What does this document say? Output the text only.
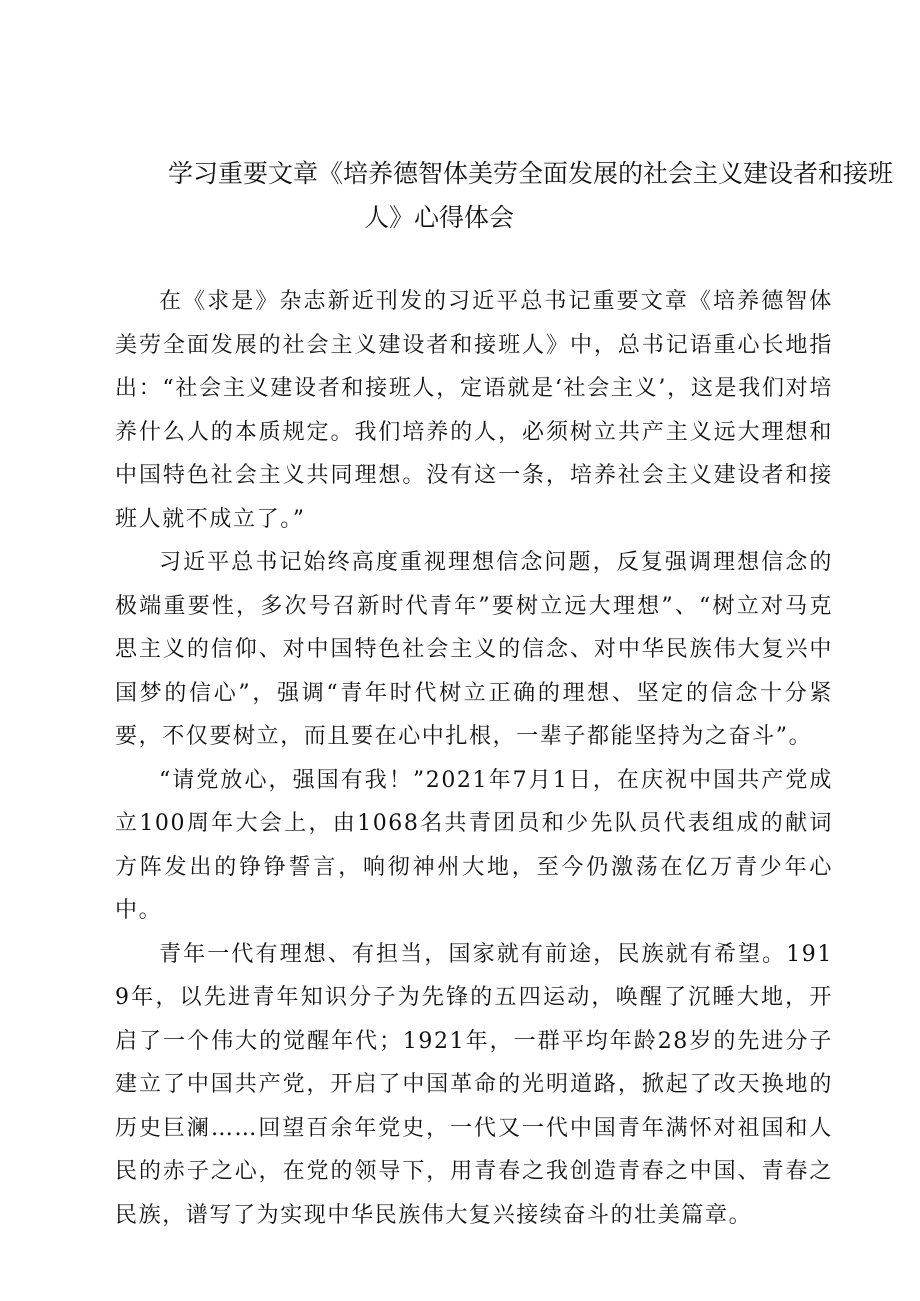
学习重要文章《培养德智体美劳全面发展的社会主义建设者和接班
人》心得体会

在《求是》杂志新近刊发的习近平总书记重要文章《培养德智体美劳全面发展的社会主义建设者和接班人》中，总书记语重心长地指出：“社会主义建设者和接班人，定语就是‘社会主义’，这是我们对培养什么人的本质规定。我们培养的人，必须树立共产主义远大理想和中国特色社会主义共同理想。没有这一条，培养社会主义建设者和接班人就不成立了。”

习近平总书记始终高度重视理想信念问题，反复强调理想信念的极端重要性，多次号召新时代青年”要树立远大理想”、“树立对马克思主义的信仰、对中国特色社会主义的信念、对中华民族伟大复兴中国梦的信心”，强调“青年时代树立正确的理想、坚定的信念十分紧要，不仅要树立，而且要在心中扎根，一辈子都能坚持为之奋斗”。

“请党放心，强国有我！”2021年7月1日，在庆祝中国共产党成立100周年大会上，由1068名共青团员和少先队员代表组成的献词方阵发出的铮铮誓言，响彻神州大地，至今仍激荡在亿万青少年心中。

青年一代有理想、有担当，国家就有前途，民族就有希望。1919年，以先进青年知识分子为先锋的五四运动，唤醒了沉睡大地，开启了一个伟大的觉醒年代；1921年，一群平均年龄28岁的先进分子建立了中国共产党，开启了中国革命的光明道路，掀起了改天换地的历史巨澜……回望百余年党史，一代又一代中国青年满怀对祖国和人民的赤子之心，在党的领导下，用青春之我创造青春之中国、青春之民族，谱写了为实现中华民族伟大复兴接续奋斗的壮美篇章。
